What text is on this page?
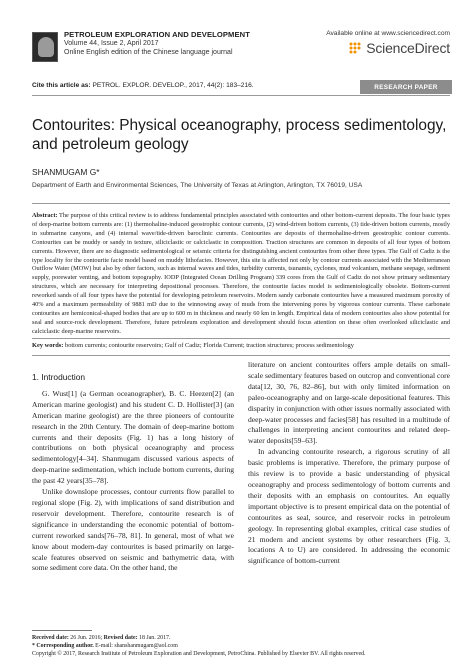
PETROLEUM EXPLORATION AND DEVELOPMENT
Volume 44, Issue 2, April 2017
Online English edition of the Chinese language journal
Available online at www.sciencedirect.com
ScienceDirect
Cite this article as: PETROL. EXPLOR. DEVELOP., 2017, 44(2): 183–216.	RESEARCH PAPER
Contourites: Physical oceanography, process sedimentology, and petroleum geology
SHANMUGAM G*
Department of Earth and Environmental Sciences, The University of Texas at Arlington, Arlington, TX 76019, USA
Abstract: The purpose of this critical review is to address fundamental principles associated with contourites and other bottom-current deposits. The four basic types of deep-marine bottom currents are: (1) thermohaline-induced geostrophic contour currents, (2) wind-driven bottom currents, (3) tide-driven bottom currents, mostly in submarine canyons, and (4) internal wave/tide-driven baroclinic currents. Contourites are deposits of thermohaline-driven geostrophic contour currents. Contourites can be muddy or sandy in texture, siliciclastic or calciclastic in composition. Traction structures are common in deposits of all four types of bottom currents. However, there are no diagnostic sedimentological or seismic criteria for distinguishing ancient contourites from other three types. The Gulf of Cadiz is the type locality for the contourite facie model based on muddy lithofacies. However, this site is affected not only by contour currents associated with the Mediterranean Outflow Water (MOW) but also by other factors, such as internal waves and tides, turbidity currents, tsunamis, cyclones, mud volcanism, methane seepage, sediment supply, porewater venting, and bottom topography. IODP (Integrated Ocean Drilling Program) 339 cores from the Gulf of Cadiz do not show primary sedimentary structures, which are necessary for interpreting depositional processes. Therefore, the contourite facies model is sedimentologically obsolete. Bottom-current reworked sands of all four types have the potential for developing petroleum reservoirs. Modern sandy carbonate contourites have a measured maximum porosity of 40% and a maximum permeability of 9881 mD due to the winnowing away of muds from the intervening pores by vigorous contour currents. These carbonate contourites are hemiconical-shaped bodies that are up to 600 m in thickness and nearly 60 km in length. Empirical data of modern contourites also show potential for seal and source-rock development. Therefore, future petroleum exploration and development should focus attention on these often overlooked siliciclastic and calciclastic deep-marine reservoirs.
Key words: bottom currents; contourite reservoirs; Gulf of Cadiz; Florida Current; traction structures; process sedimentology
1. Introduction

G. Wust[1] (a German oceanographer), B. C. Heezen[2] (an American marine geologist) and his student C. D. Hollister[3] (an American marine geologist) are the three pioneers of contourite research in the 20th Century. The domain of deep-marine bottom currents and their deposits (Fig. 1) has a long history of contributions on both physical oceanography and process sedimentology[4–34]. Shanmugam discussed various aspects of deep-marine sedimentation, which include bottom currents, during the past 42 years[35–78].

Unlike downslope processes, contour currents flow parallel to regional slope (Fig. 2), with implications of sand distribution and reservoir development. Therefore, contourite research is of significance in understanding the economic potential of bottom-current reworked sands[76–78, 81]. In general, most of what we know about modern-day contourites is based primarily on large-scale features observed on seismic and bathymetric data, with some sediment core data. On the other hand, the

literature on ancient contourites offers ample details on small-scale sedimentary features based on outcrop and conventional core data[12, 30, 76, 82–86], but with only limited information on paleo-oceanography and on large-scale depositional features. This disparity in conjunction with other issues normally associated with deep-water processes and facies[58] has resulted in a multitude of challenges in interpreting ancient contourites and related deep-water deposits[59–63].

In advancing contourite research, a rigorous scrutiny of all basic problems is imperative. Therefore, the primary purpose of this review is to provide a basic understanding of physical oceanography and process sedimentology of bottom currents and their deposits with an emphasis on contourites. An equally important objective is to present empirical data on the potential of contourites as seal, source, and reservoir rocks in petroleum geology. In representing global examples, critical case studies of 21 modern and ancient systems by other researchers (Fig. 3, locations A to U) are considered. In addressing the economic significance of bottom-current

Received date: 26 Jun. 2016; Revised date: 18 Jan. 2017.
* Corresponding author. E-mail: shanshanmugam@aol.com
Copyright © 2017, Research Institute of Petroleum Exploration and Development, PetroChina. Published by Elsevier BV. All rights reserved.
